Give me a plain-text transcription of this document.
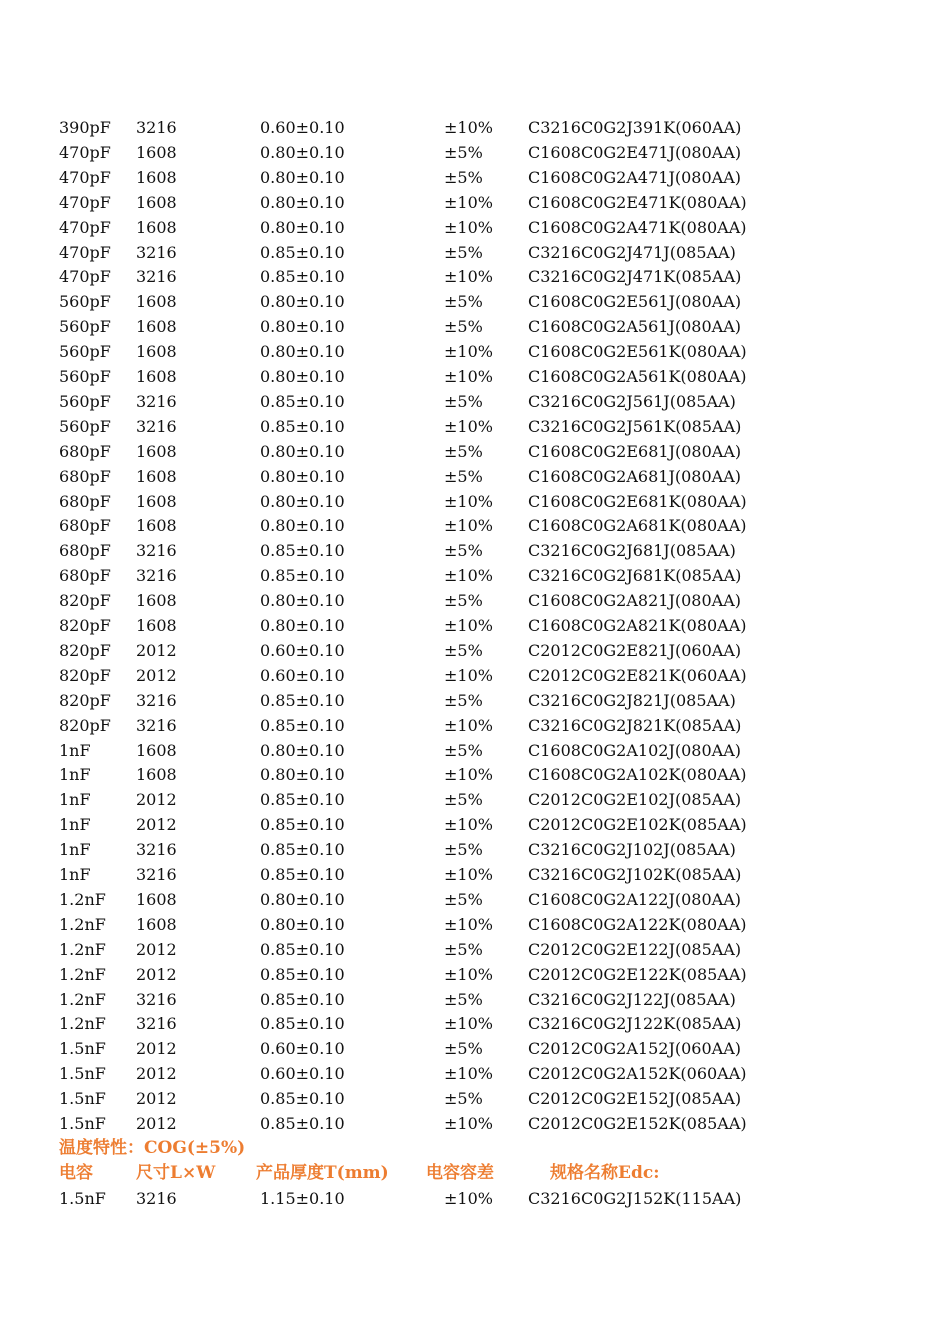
390pF 3216	0.60±0.10	±10% C3216C0G2J391K(060AA)
470pF 1608	0.80±0.10	±5%	C1608C0G2E471J(080AA)
470pF 1608	0.80±0.10	±5%	C1608C0G2A471J(080AA)
470pF 1608	0.80±0.10	±10% C1608C0G2E471K(080AA)
470pF 1608	0.80±0.10	±10% C1608C0G2A471K(080AA)
470pF 3216	0.85±0.10	±5%	C3216C0G2J471J(085AA)
470pF 3216	0.85±0.10	±10% C3216C0G2J471K(085AA)
560pF 1608	0.80±0.10	±5%	C1608C0G2E561J(080AA)
560pF 1608	0.80±0.10	±5%	C1608C0G2A561J(080AA)
560pF 1608	0.80±0.10	±10% C1608C0G2E561K(080AA)
560pF 1608	0.80±0.10	±10% C1608C0G2A561K(080AA)
560pF 3216	0.85±0.10	±5%	C3216C0G2J561J(085AA)
560pF 3216	0.85±0.10	±10% C3216C0G2J561K(085AA)
680pF 1608	0.80±0.10	±5%	C1608C0G2E681J(080AA)
680pF 1608	0.80±0.10	±5%	C1608C0G2A681J(080AA)
680pF 1608	0.80±0.10	±10% C1608C0G2E681K(080AA)
680pF 1608	0.80±0.10	±10% C1608C0G2A681K(080AA)
680pF 3216	0.85±0.10	±5%	C3216C0G2J681J(085AA)
680pF 3216	0.85±0.10	±10% C3216C0G2J681K(085AA)
820pF 1608	0.80±0.10	±5%	C1608C0G2A821J(080AA)
820pF 1608	0.80±0.10	±10% C1608C0G2A821K(080AA)
820pF 2012	0.60±0.10	±5%	C2012C0G2E821J(060AA)
820pF 2012	0.60±0.10	±10% C2012C0G2E821K(060AA)
820pF 3216	0.85±0.10	±5%	C3216C0G2J821J(085AA)
820pF 3216	0.85±0.10	±10% C3216C0G2J821K(085AA)
1nF	1608	0.80±0.10	±5%	C1608C0G2A102J(080AA)
1nF	1608	0.80±0.10	±10% C1608C0G2A102K(080AA)
1nF	2012	0.85±0.10	±5%	C2012C0G2E102J(085AA)
1nF	2012	0.85±0.10	±10% C2012C0G2E102K(085AA)
1nF	3216	0.85±0.10	±5%	C3216C0G2J102J(085AA)
1nF	3216	0.85±0.10	±10% C3216C0G2J102K(085AA)
1.2nF 1608	0.80±0.10	±5%	C1608C0G2A122J(080AA)
1.2nF 1608	0.80±0.10	±10% C1608C0G2A122K(080AA)
1.2nF 2012	0.85±0.10	±5%	C2012C0G2E122J(085AA)
1.2nF 2012	0.85±0.10	±10% C2012C0G2E122K(085AA)
1.2nF 3216	0.85±0.10	±5%	C3216C0G2J122J(085AA)
1.2nF 3216	0.85±0.10	±10% C3216C0G2J122K(085AA)
1.5nF 2012	0.60±0.10	±5%	C2012C0G2A152J(060AA)
1.5nF 2012	0.60±0.10	±10% C2012C0G2A152K(060AA)
1.5nF 2012	0.85±0.10	±5%	C2012C0G2E152J(085AA)
1.5nF 2012	0.85±0.10	±10% C2012C0G2E152K(085AA)
温度特性：COG(±5%)
电容	尺寸L×W 产品厚度T(mm) 电容容差	规格名称Edc:
1.5nF 3216	1.15±0.10	±10% C3216C0G2J152K(115AA)
